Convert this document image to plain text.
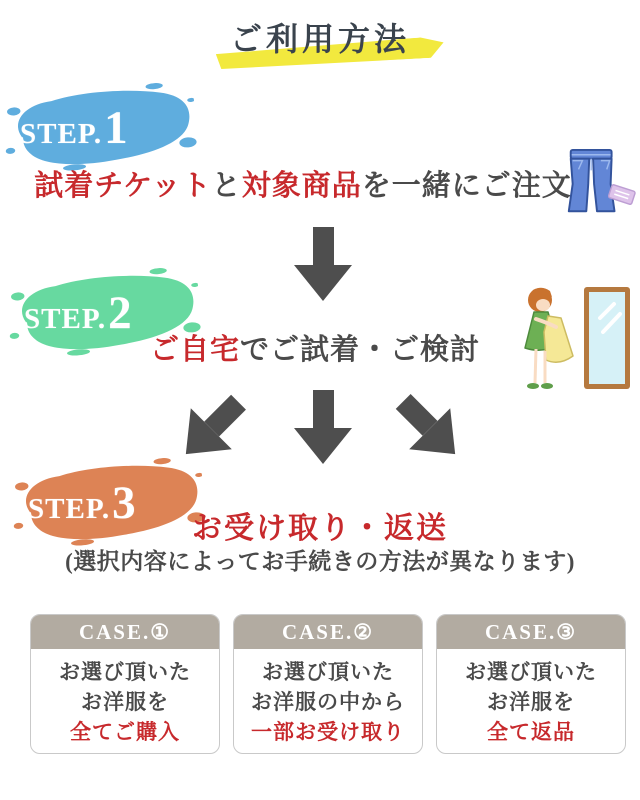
ご利用方法
STEP. 1
試着チケットと対象商品を一緒にご注文
STEP. 2
ご自宅でご試着・ご検討
STEP. 3	お受け取り・返送
(選択内容によってお手続きの方法が異なります)
CASE.①
お選び頂いた
お洋服を
全てご購入
CASE.②
お選び頂いた
お洋服の中から
一部お受け取り
CASE.③
お選び頂いた
お洋服を
全て返品
